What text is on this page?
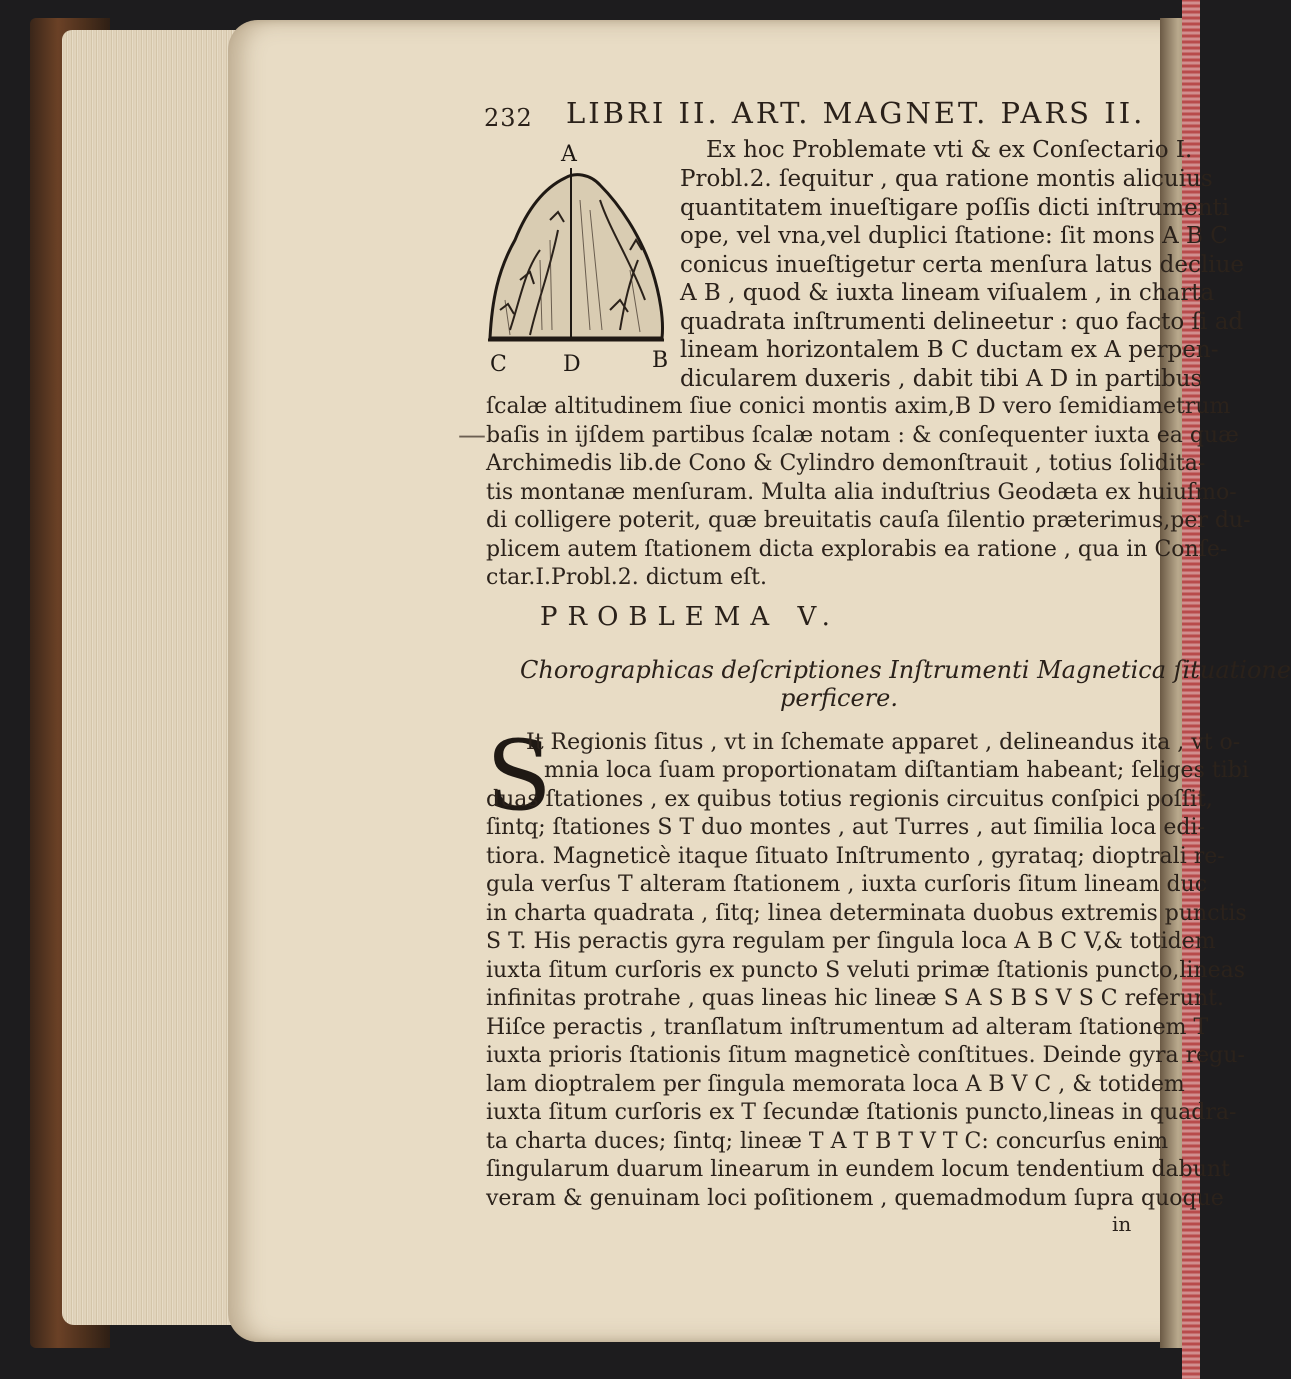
232 LIBRI II. ART. MAGNET. PARS II.
A
C	D	B
Ex hoc Problemate vti & ex Conſectario I.
Probl.2. ſequitur , qua ratione montis alicuius
quantitatem inueſtigare poſſis dicti inſtrumenti
ope, vel vna,vel duplici ſtatione: ſit mons A B C
conicus inueſtigetur certa menſura latus decliue
A B , quod & iuxta lineam viſualem , in charta
quadrata inſtrumenti delineetur : quo facto ſi ad
lineam horizontalem B C ductam ex A perpen-
dicularem duxeris , dabit tibi A D in partibus
ſcalæ altitudinem ſiue conici montis axim,B D vero ſemidiametrum
baſis in ijſdem partibus ſcalæ notam : & conſequenter iuxta ea quæ
Archimedis lib.de Cono & Cylindro demonſtrauit , totius ſolidita-
tis montanæ menſuram. Multa alia induſtrius Geodæta ex huiuſmo-
di colligere poterit, quæ breuitatis cauſa ſilentio præterimus,per du-
plicem autem ſtationem dicta explorabis ea ratione , qua in Conſe-
ctar.I.Probl.2. dictum eſt.
PROBLEMA V.
Chorographicas deſcriptiones Inſtrumenti Magnetica ſituatione
perficere.
S
It Regionis ſitus , vt in ſchemate apparet , delineandus ita , vt o-
mnia loca ſuam proportionatam diſtantiam habeant; ſeliges tibi
duas ſtationes , ex quibus totius regionis circuitus conſpici poſſit,
ſintq; ſtationes S T duo montes , aut Turres , aut ſimilia loca edi-
tiora. Magneticè itaque ſituato Inſtrumento , gyrataq; dioptrali re-
gula verſus T alteram ſtationem , iuxta curſoris ſitum lineam duc
in charta quadrata , ſitq; linea determinata duobus extremis punctis
S T. His peractis gyra regulam per ſingula loca A B C V,& totidem
iuxta ſitum curſoris ex puncto S veluti primæ ſtationis puncto,lineas
infinitas protrahe , quas lineas hic lineæ S A S B S V S C referunt.
Hiſce peractis , tranſlatum inſtrumentum ad alteram ſtationem T
iuxta prioris ſtationis ſitum magneticè conſtitues. Deinde gyra regu-
lam dioptralem per ſingula memorata loca A B V C , & totidem
iuxta ſitum curſoris ex T ſecundæ ſtationis puncto,lineas in quadra-
ta charta duces; ſintq; lineæ T A T B T V T C: concurſus enim
ſingularum duarum linearum in eundem locum tendentium dabunt
veram & genuinam loci poſitionem , quemadmodum ſupra quoque
in
—
